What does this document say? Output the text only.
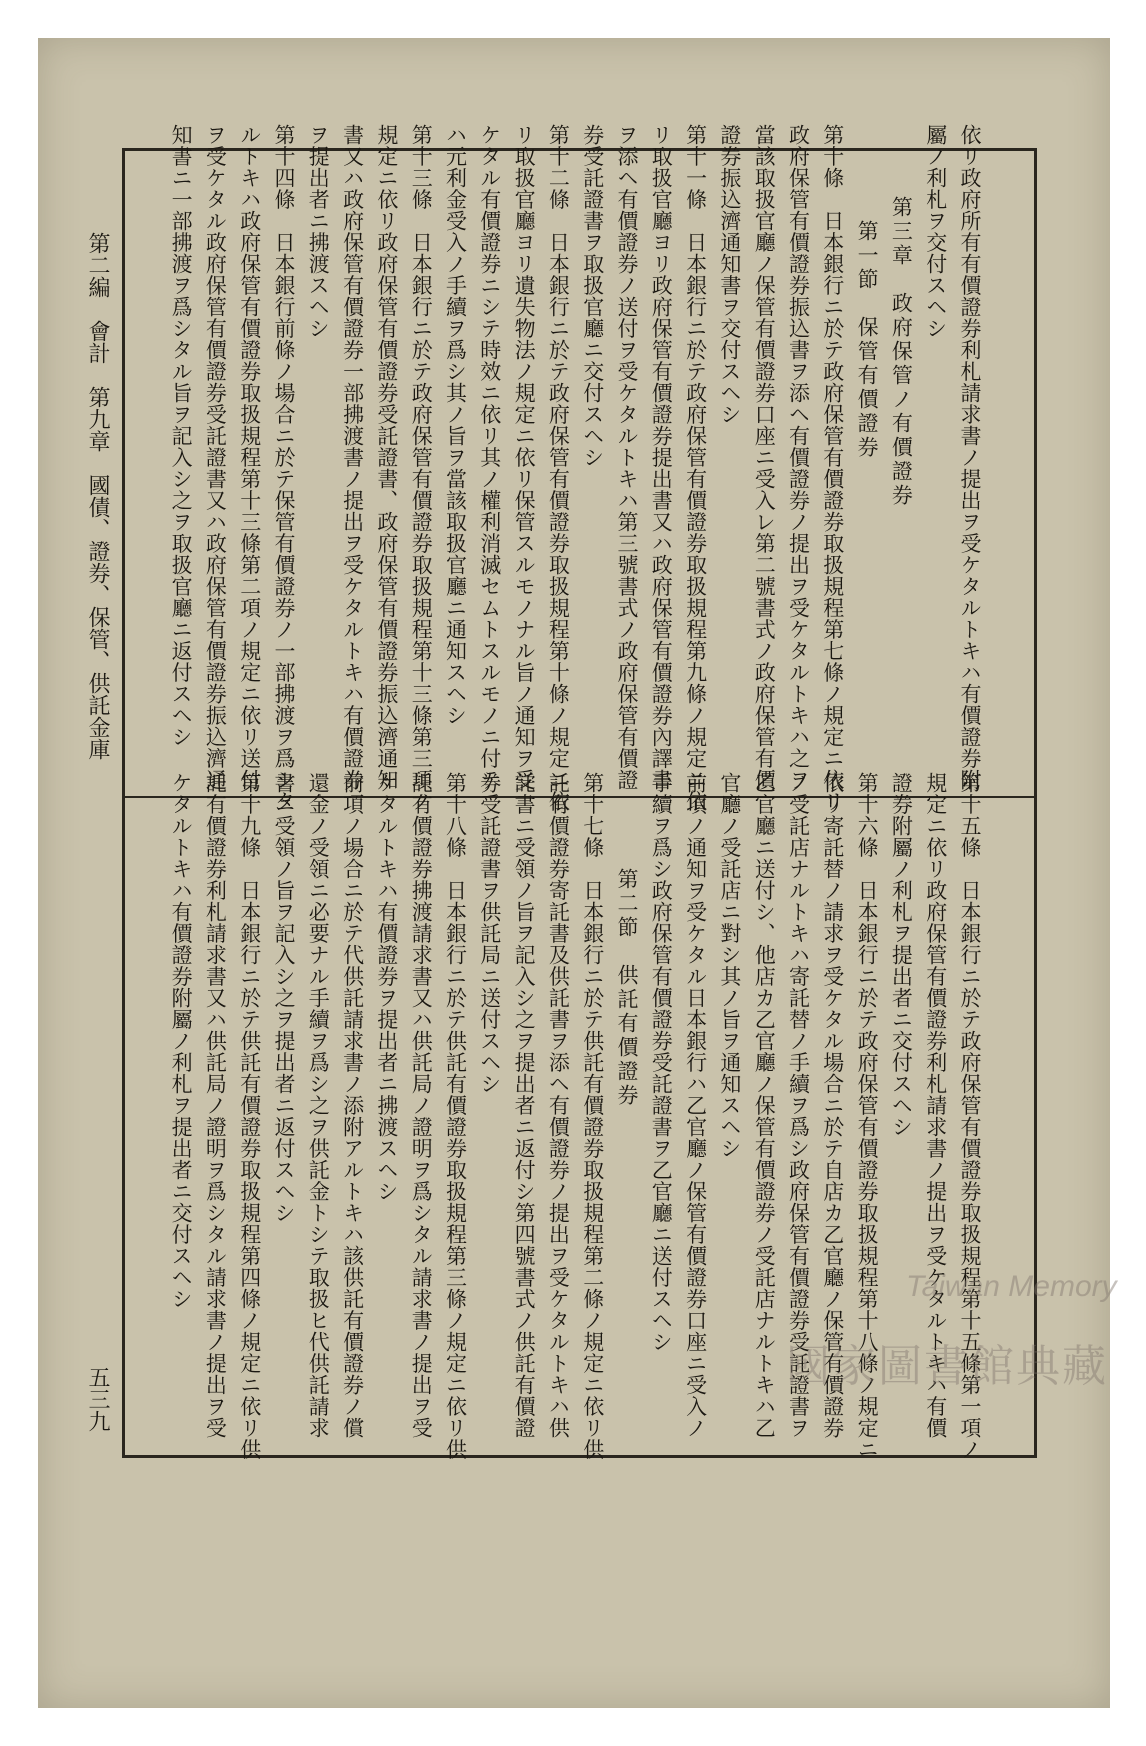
依リ政府所有有價證券利札請求書ノ提出ヲ受ケタルトキハ有價證券附
屬ノ利札ヲ交付スヘシ
　　　第三章　政府保管ノ有價證券
　　　　第一節　保管有價證券
第十條　日本銀行ニ於テ政府保管有價證券取扱規程第七條ノ規定ニ依リ
政府保管有價證券振込書ヲ添ヘ有價證券ノ提出ヲ受ケタルトキハ之ヲ
當該取扱官廳ノ保管有價證券口座ニ受入レ第二號書式ノ政府保管有價
證券振込濟通知書ヲ交付スヘシ
第十一條　日本銀行ニ於テ政府保管有價證券取扱規程第九條ノ規定ニ依
リ取扱官廳ヨリ政府保管有價證券提出書又ハ政府保管有價證券內譯書
ヲ添ヘ有價證券ノ送付ヲ受ケタルトキハ第三號書式ノ政府保管有價證
券受託證書ヲ取扱官廳ニ交付スヘシ
第十二條　日本銀行ニ於テ政府保管有價證券取扱規程第十條ノ規定ニ依
リ取扱官廳ヨリ遺失物法ノ規定ニ依リ保管スルモノナル旨ノ通知ヲ受
ケタル有價證券ニシテ時效ニ依リ其ノ權利消滅セムトスルモノニ付テ
ハ元利金受入ノ手續ヲ爲シ其ノ旨ヲ當該取扱官廳ニ通知スヘシ
第十三條　日本銀行ニ於テ政府保管有價證券取扱規程第十三條第三項ノ
規定ニ依リ政府保管有價證券受託證書、政府保管有價證券振込濟通知
書又ハ政府保管有價證券一部拂渡書ノ提出ヲ受ケタルトキハ有價證券
ヲ提出者ニ拂渡スヘシ
第十四條　日本銀行前條ノ場合ニ於テ保管有價證券ノ一部拂渡ヲ爲シタ
ルトキハ政府保管有價證券取扱規程第十三條第二項ノ規定ニ依リ送付
ヲ受ケタル政府保管有價證券受託證書又ハ政府保管有價證券振込濟通
知書ニ一部拂渡ヲ爲シタル旨ヲ記入シ之ヲ取扱官廳ニ返付スヘシ
第十五條　日本銀行ニ於テ政府保管有價證券取扱規程第十五條第一項ノ
規定ニ依リ政府保管有價證券利札請求書ノ提出ヲ受ケタルトキハ有價
證券附屬ノ利札ヲ提出者ニ交付スヘシ
第十六條　日本銀行ニ於テ政府保管有價證券取扱規程第十八條ノ規定ニ
依リ寄託替ノ請求ヲ受ケタル場合ニ於テ自店カ乙官廳ノ保管有價證券
ノ受託店ナルトキハ寄託替ノ手續ヲ爲シ政府保管有價證券受託證書ヲ
乙官廳ニ送付シ、他店カ乙官廳ノ保管有價證券ノ受託店ナルトキハ乙
官廳ノ受託店ニ對シ其ノ旨ヲ通知スヘシ
前項ノ通知ヲ受ケタル日本銀行ハ乙官廳ノ保管有價證券口座ニ受入ノ
手續ヲ爲シ政府保管有價證券受託證書ヲ乙官廳ニ送付スヘシ
　　　　第二節　供託有價證券
第十七條　日本銀行ニ於テ供託有價證券取扱規程第二條ノ規定ニ依リ供
託有價證券寄託書及供託書ヲ添ヘ有價證券ノ提出ヲ受ケタルトキハ供
託書ニ受領ノ旨ヲ記入シ之ヲ提出者ニ返付シ第四號書式ノ供託有價證
券受託證書ヲ供託局ニ送付スヘシ
第十八條　日本銀行ニ於テ供託有價證券取扱規程第三條ノ規定ニ依リ供
託有價證券拂渡請求書又ハ供託局ノ證明ヲ爲シタル請求書ノ提出ヲ受
ケタルトキハ有價證券ヲ提出者ニ拂渡スヘシ
前項ノ場合ニ於テ代供託請求書ノ添附アルトキハ該供託有價證券ノ償
還金ノ受領ニ必要ナル手續ヲ爲シ之ヲ供託金トシテ取扱ヒ代供託請求
書ニ受領ノ旨ヲ記入シ之ヲ提出者ニ返付スヘシ
第十九條　日本銀行ニ於テ供託有價證券取扱規程第四條ノ規定ニ依リ供
託有價證券利札請求書又ハ供託局ノ證明ヲ爲シタル請求書ノ提出ヲ受
ケタルトキハ有價證券附屬ノ利札ヲ提出者ニ交付スヘシ
第二編　會計　第九章　國債、證券、保管、供託金庫
五三九
Taiwan Memory
國家圖書館典藏
